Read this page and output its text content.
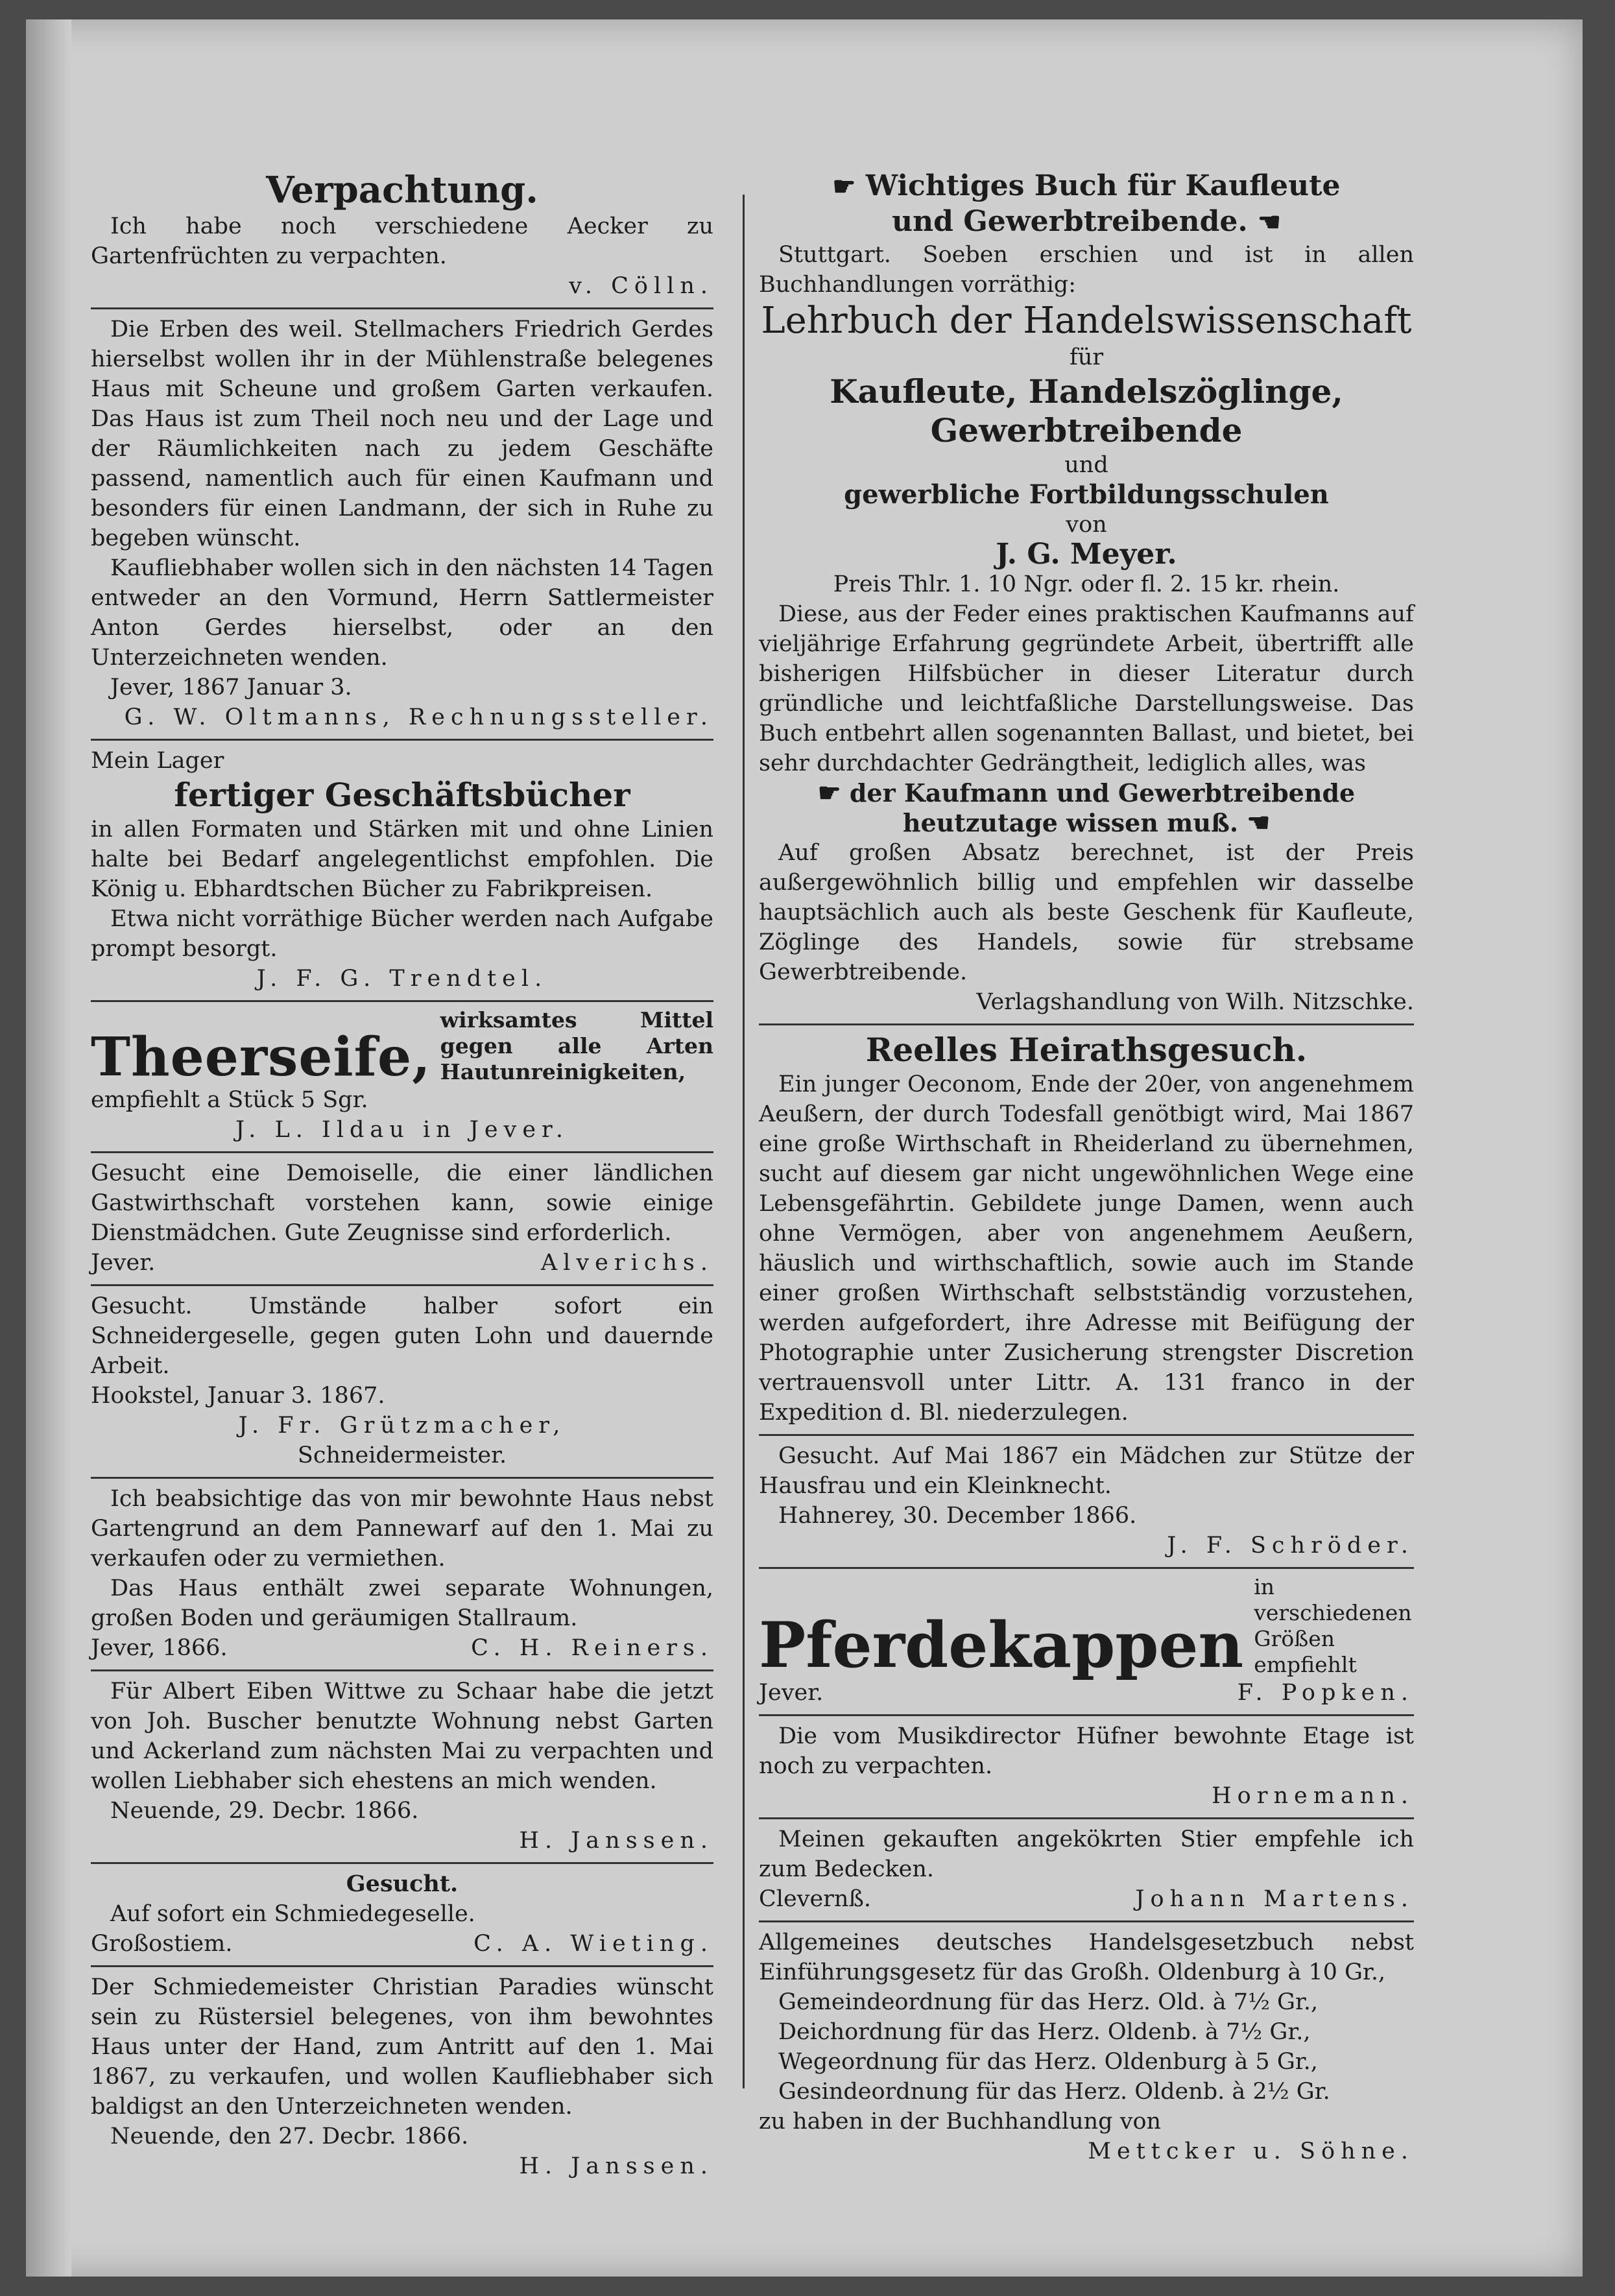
Verpachtung.

Ich habe noch verschiedene Aecker zu Gartenfrüchten zu verpachten.

v. Cölln.

Die Erben des weil. Stellmachers Friedrich Gerdes hierselbst wollen ihr in der Mühlenstraße belegenes Haus mit Scheune und großem Garten verkaufen. Das Haus ist zum Theil noch neu und der Lage und der Räumlichkeiten nach zu jedem Geschäfte passend, namentlich auch für einen Kaufmann und besonders für einen Landmann, der sich in Ruhe zu begeben wünscht.

Kaufliebhaber wollen sich in den nächsten 14 Tagen entweder an den Vormund, Herrn Sattlermeister Anton Gerdes hierselbst, oder an den Unterzeichneten wenden.

Jever, 1867 Januar 3.

G. W. Oltmanns, Rechnungssteller.

Mein Lager

fertiger Geschäftsbücher

in allen Formaten und Stärken mit und ohne Linien halte bei Bedarf angelegentlichst empfohlen. Die König u. Ebhardtschen Bücher zu Fabrikpreisen.

Etwa nicht vorräthige Bücher werden nach Aufgabe prompt besorgt.

J. F. G. Trendtel.

Theerseife,
wirksamtes Mittel gegen alle Arten Hautunreinigkeiten,

empfiehlt a Stück 5 Sgr.

J. L. Ildau in Jever.

Gesucht eine Demoiselle, die einer ländlichen Gastwirthschaft vorstehen kann, sowie einige Dienstmädchen. Gute Zeugnisse sind erforderlich.

Jever.	Alverichs.

Gesucht. Umstände halber sofort ein Schneidergeselle, gegen guten Lohn und dauernde Arbeit.

Hookstel, Januar 3. 1867.

J. Fr. Grützmacher,

Schneidermeister.

Ich beabsichtige das von mir bewohnte Haus nebst Gartengrund an dem Pannewarf auf den 1. Mai zu verkaufen oder zu vermiethen.

Das Haus enthält zwei separate Wohnungen, großen Boden und geräumigen Stallraum.

Jever, 1866.	C. H. Reiners.

Für Albert Eiben Wittwe zu Schaar habe die jetzt von Joh. Buscher benutzte Wohnung nebst Garten und Ackerland zum nächsten Mai zu verpachten und wollen Liebhaber sich ehestens an mich wenden.

Neuende, 29. Decbr. 1866.

H. Janssen.

Gesucht.

Auf sofort ein Schmiedegeselle.

Großostiem.	C. A. Wieting.

Der Schmiedemeister Christian Paradies wünscht sein zu Rüstersiel belegenes, von ihm bewohntes Haus unter der Hand, zum Antritt auf den 1. Mai 1867, zu verkaufen, und wollen Kaufliebhaber sich baldigst an den Unterzeichneten wenden.

Neuende, den 27. Decbr. 1866.

H. Janssen.

☛ Wichtiges Buch für Kaufleute
und Gewerbtreibende. ☚

Stuttgart. Soeben erschien und ist in allen Buchhandlungen vorräthig:

Lehrbuch der Handelswissenschaft

für

Kaufleute, Handelszöglinge, Gewerbtreibende

und

gewerbliche Fortbildungsschulen

von

J. G. Meyer.

Preis Thlr. 1. 10 Ngr. oder fl. 2. 15 kr. rhein.

Diese, aus der Feder eines praktischen Kaufmanns auf vieljährige Erfahrung gegründete Arbeit, übertrifft alle bisherigen Hilfsbücher in dieser Literatur durch gründliche und leichtfaßliche Darstellungsweise. Das Buch entbehrt allen sogenannten Ballast, und bietet, bei sehr durchdachter Gedrängtheit, lediglich alles, was

☛ der Kaufmann und Gewerbtreibende heutzutage wissen muß. ☚

Auf großen Absatz berechnet, ist der Preis außergewöhnlich billig und empfehlen wir dasselbe hauptsächlich auch als beste Geschenk für Kaufleute, Zöglinge des Handels, sowie für strebsame Gewerbtreibende.

Verlagshandlung von Wilh. Nitzschke.

Reelles Heirathsgesuch.

Ein junger Oeconom, Ende der 20er, von angenehmem Aeußern, der durch Todesfall genötbigt wird, Mai 1867 eine große Wirthschaft in Rheiderland zu übernehmen, sucht auf diesem gar nicht ungewöhnlichen Wege eine Lebensgefährtin. Gebildete junge Damen, wenn auch ohne Vermögen, aber von angenehmem Aeußern, häuslich und wirthschaftlich, sowie auch im Stande einer großen Wirthschaft selbstständig vorzustehen, werden aufgefordert, ihre Adresse mit Beifügung der Photographie unter Zusicherung strengster Discretion vertrauensvoll unter Littr. A. 131 franco in der Expedition d. Bl. niederzulegen.

Gesucht. Auf Mai 1867 ein Mädchen zur Stütze der Hausfrau und ein Kleinknecht.

Hahnerey, 30. December 1866.

J. F. Schröder.

Pferdekappen
in verschiedenen Größen empfiehlt
Jever.	F. Popken.

Die vom Musikdirector Hüfner bewohnte Etage ist noch zu verpachten.

Hornemann.

Meinen gekauften angekökrten Stier empfehle ich zum Bedecken.

Clevernß.	Johann Martens.

Allgemeines deutsches Handelsgesetzbuch nebst Einführungsgesetz für das Großh. Oldenburg à 10 Gr.,

Gemeindeordnung für das Herz. Old. à 7½ Gr.,

Deichordnung für das Herz. Oldenb. à 7½ Gr.,

Wegeordnung für das Herz. Oldenburg à 5 Gr.,

Gesindeordnung für das Herz. Oldenb. à 2½ Gr.

zu haben in der Buchhandlung von

Mettcker u. Söhne.
